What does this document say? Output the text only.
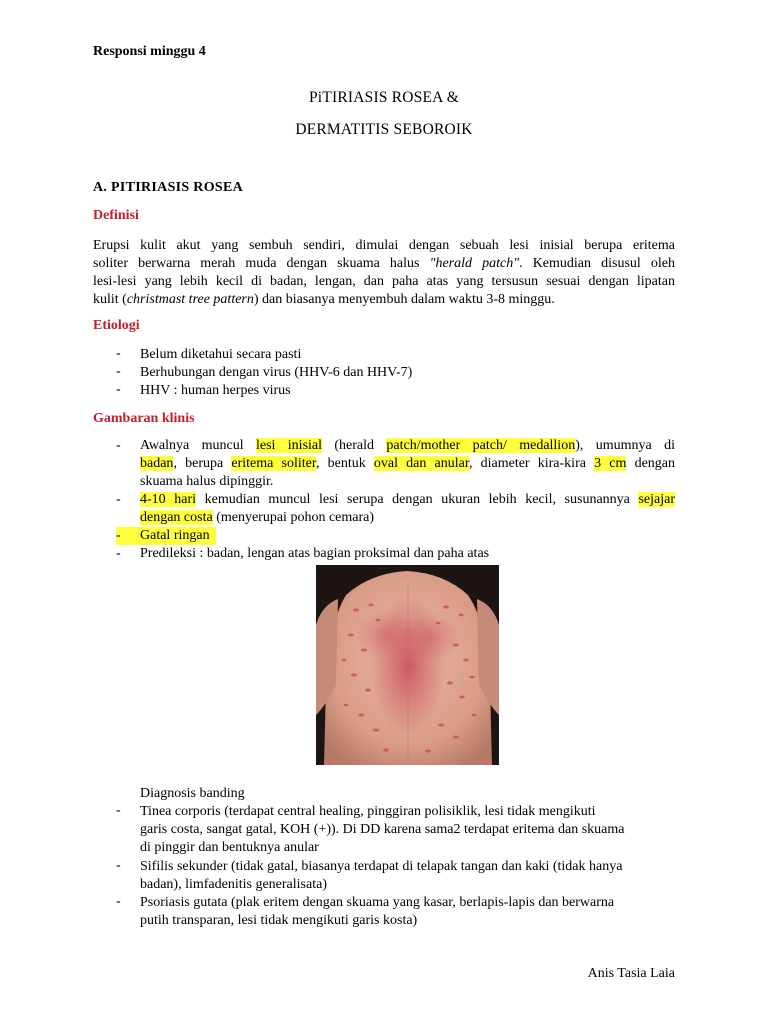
Responsi minggu 4
PiTIRIASIS ROSEA &
DERMATITIS SEBOROIK
A. PITIRIASIS ROSEA
Definisi
Erupsi kulit akut yang sembuh sendiri, dimulai dengan sebuah lesi inisial berupa eritema
soliter berwarna merah muda dengan skuama halus "herald patch". Kemudian disusul oleh
lesi-lesi yang lebih kecil di badan, lengan, dan paha atas yang tersusun sesuai dengan lipatan
kulit (christmast tree pattern) dan biasanya menyembuh dalam waktu 3-8 minggu.
Etiologi
- Belum diketahui secara pasti
- Berhubungan dengan virus (HHV-6 dan HHV-7)
- HHV : human herpes virus
Gambaran klinis
- Awalnya muncul lesi inisial (herald patch/mother patch/ medallion), umumnya di
badan, berupa eritema soliter, bentuk oval dan anular, diameter kira-kira 3 cm dengan
skuama halus dipinggir.
- 4-10 hari kemudian muncul lesi serupa dengan ukuran lebih kecil, susunannya sejajar
dengan costa (menyerupai pohon cemara)
- Gatal ringan
- Predileksi : badan, lengan atas bagian proksimal dan paha atas
Diagnosis banding
- Tinea corporis (terdapat central healing, pinggiran polisiklik, lesi tidak mengikuti
garis costa, sangat gatal, KOH (+)). Di DD karena sama2 terdapat eritema dan skuama
di pinggir dan bentuknya anular
- Sifilis sekunder (tidak gatal, biasanya terdapat di telapak tangan dan kaki (tidak hanya
badan), limfadenitis generalisata)
- Psoriasis gutata (plak eritem dengan skuama yang kasar, berlapis-lapis dan berwarna
putih transparan, lesi tidak mengikuti garis kosta)
Anis Tasia Laia
